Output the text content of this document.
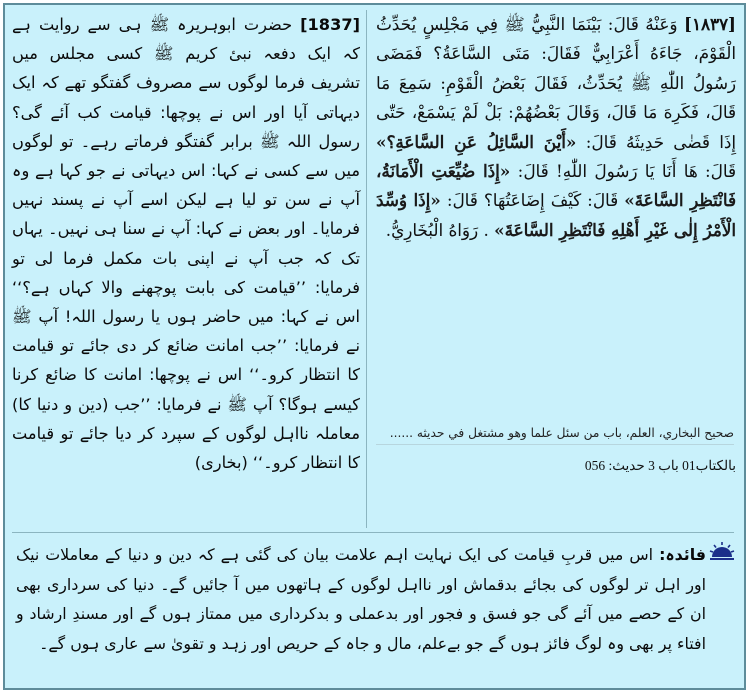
[١٨٣٧] وَعَنْهُ قَالَ: بَيْنَمَا النَّبِيُّ ﷺ فِي مَجْلِسٍ يُحَدِّثُ الْقَوْمَ، جَاءَهُ أَعْرَابِيٌّ فَقَالَ: مَتَى السَّاعَةُ؟ فَمَضَى رَسُولُ اللّٰهِ ﷺ يُحَدِّثُ، فَقَالَ بَعْضُ الْقَوْمِ: سَمِعَ مَا قَالَ، فَكَرِهَ مَا قَالَ، وَقَالَ بَعْضُهُمْ: بَلْ لَمْ يَسْمَعْ، حَتّٰى إِذَا قَضٰى حَدِيثَهُ قَالَ: «أَيْنَ السَّائِلُ عَنِ السَّاعَةِ؟» قَالَ: هَا أَنَا يَا رَسُولَ اللّٰهِ! قَالَ: «إِذَا ضُيِّعَتِ الْأَمَانَةُ، فَانْتَظِرِ السَّاعَةَ» قَالَ: كَيْفَ إِضَاعَتُهَا؟ قَالَ: «إِذَا وُسِّدَ الْأَمْرُ إِلٰى غَيْرِ أَهْلِهِ فَانْتَظِرِ السَّاعَةَ» . رَوَاهُ الْبُخَارِيُّ.
صحيح البخاري، العلم، باب من سئل علما وهو مشتغل في حديثه ......
بالکتاب01 باب 3 حدیث: 056
[1837] حضرت ابوہریرہ ﷺ ہی سے روایت ہے کہ ایک دفعہ نبیٔ کریم ﷺ کسی مجلس میں تشریف فرما لوگوں سے مصروف گفتگو تھے کہ ایک دیہاتی آیا اور اس نے پوچھا: قیامت کب آئے گی؟ رسول اللہ ﷺ برابر گفتگو فرماتے رہے۔ تو لوگوں میں سے کسی نے کہا: اس دیہاتی نے جو کہا ہے وہ آپ نے سن تو لیا ہے لیکن اسے آپ نے پسند نہیں فرمایا۔ اور بعض نے کہا: آپ نے سنا ہی نہیں۔ یہاں تک کہ جب آپ نے اپنی بات مکمل فرما لی تو فرمایا: ’’قیامت کی بابت پوچھنے والا کہاں ہے؟‘‘ اس نے کہا: میں حاضر ہوں یا رسول اللہ! آپ ﷺ نے فرمایا: ’’جب امانت ضائع کر دی جائے تو قیامت کا انتظار کرو۔‘‘ اس نے پوچھا: امانت کا ضائع کرنا کیسے ہوگا؟ آپ ﷺ نے فرمایا: ’’جب (دین و دنیا کا) معاملہ نااہل لوگوں کے سپرد کر دیا جائے تو قیامت کا انتظار کرو۔‘‘ (بخاری)
فائدہ: اس میں قربِ قیامت کی ایک نہایت اہم علامت بیان کی گئی ہے کہ دین و دنیا کے معاملات نیک اور اہل تر لوگوں کی بجائے بدقماش اور نااہل لوگوں کے ہاتھوں میں آ جائیں گے۔ دنیا کی سرداری بھی ان کے حصے میں آئے گی جو فسق و فجور اور بدعملی و بدکرداری میں ممتاز ہوں گے اور مسندِ ارشاد و افتاء پر بھی وہ لوگ فائز ہوں گے جو بےعلم، مال و جاہ کے حریص اور زہد و تقویٰ سے عاری ہوں گے۔
